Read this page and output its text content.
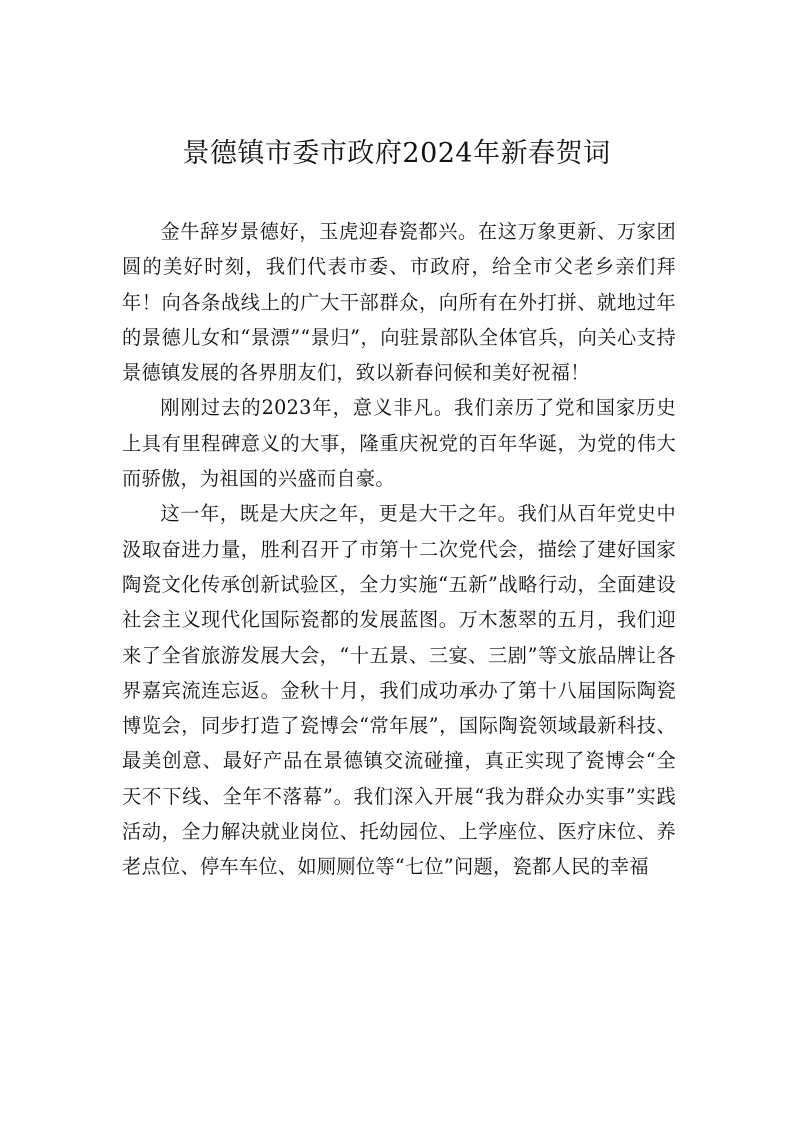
景德镇市委市政府2024年新春贺词

金牛辞岁景德好，玉虎迎春瓷都兴。在这万象更新、万家团圆的美好时刻，我们代表市委、市政府，给全市父老乡亲们拜年！向各条战线上的广大干部群众，向所有在外打拼、就地过年的景德儿女和“景漂”“景归”，向驻景部队全体官兵，向关心支持景德镇发展的各界朋友们，致以新春问候和美好祝福！

刚刚过去的2023年，意义非凡。我们亲历了党和国家历史上具有里程碑意义的大事，隆重庆祝党的百年华诞，为党的伟大而骄傲，为祖国的兴盛而自豪。

这一年，既是大庆之年，更是大干之年。我们从百年党史中汲取奋进力量，胜利召开了市第十二次党代会，描绘了建好国家陶瓷文化传承创新试验区，全力实施“五新”战略行动，全面建设社会主义现代化国际瓷都的发展蓝图。万木葱翠的五月，我们迎来了全省旅游发展大会，“十五景、三宴、三剧”等文旅品牌让各界嘉宾流连忘返。金秋十月，我们成功承办了第十八届国际陶瓷博览会，同步打造了瓷博会“常年展”，国际陶瓷领域最新科技、最美创意、最好产品在景德镇交流碰撞，真正实现了瓷博会“全天不下线、全年不落幕”。我们深入开展“我为群众办实事”实践活动，全力解决就业岗位、托幼园位、上学座位、医疗床位、养老点位、停车车位、如厕厕位等“七位”问题，瓷都人民的幸福
